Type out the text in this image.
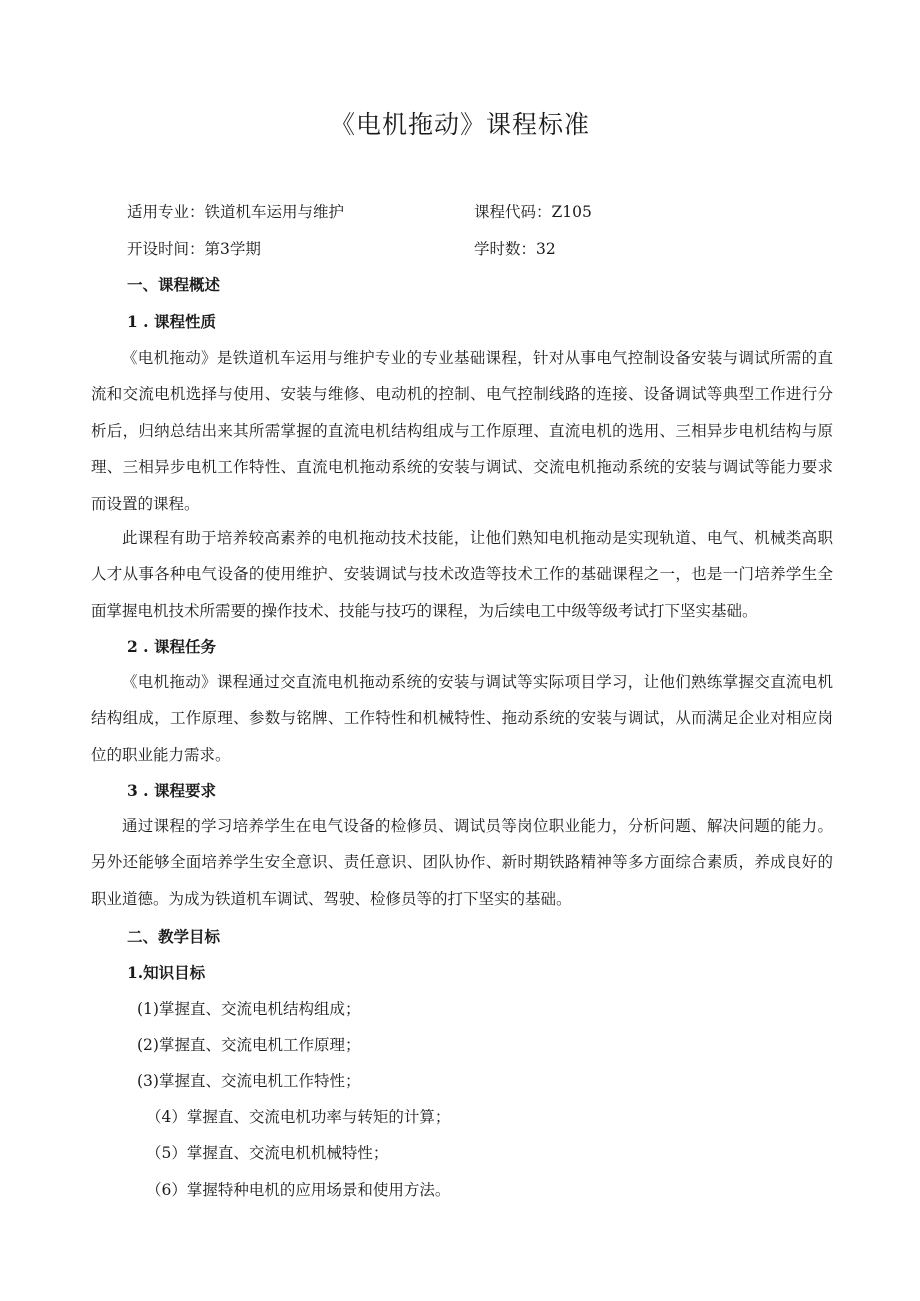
《电机拖动》课程标准
适用专业：铁道机车运用与维护	课程代码：Z105
开设时间：第3学期	学时数：32
一、课程概述
1 . 课程性质

《电机拖动》是铁道机车运用与维护专业的专业基础课程，针对从事电气控制设备安装与调试所需的直流和交流电机选择与使用、安装与维修、电动机的控制、电气控制线路的连接、设备调试等典型工作进行分析后，归纳总结出来其所需掌握的直流电机结构组成与工作原理、直流电机的选用、三相异步电机结构与原理、三相异步电机工作特性、直流电机拖动系统的安装与调试、交流电机拖动系统的安装与调试等能力要求而设置的课程。

此课程有助于培养较高素养的电机拖动技术技能，让他们熟知电机拖动是实现轨道、电气、机械类高职人才从事各种电气设备的使用维护、安装调试与技术改造等技术工作的基础课程之一，也是一门培养学生全面掌握电机技术所需要的操作技术、技能与技巧的课程，为后续电工中级等级考试打下坚实基础。

2 . 课程任务

《电机拖动》课程通过交直流电机拖动系统的安装与调试等实际项目学习，让他们熟练掌握交直流电机结构组成，工作原理、参数与铭牌、工作特性和机械特性、拖动系统的安装与调试，从而满足企业对相应岗位的职业能力需求。

3 . 课程要求

通过课程的学习培养学生在电气设备的检修员、调试员等岗位职业能力，分析问题、解决问题的能力。另外还能够全面培养学生安全意识、责任意识、团队协作、新时期铁路精神等多方面综合素质，养成良好的职业道德。为成为铁道机车调试、驾驶、检修员等的打下坚实的基础。

二、教学目标
1.知识目标
(1)掌握直、交流电机结构组成；
(2)掌握直、交流电机工作原理；
(3)掌握直、交流电机工作特性；
（4）掌握直、交流电机功率与转矩的计算；
（5）掌握直、交流电机机械特性；
（6）掌握特种电机的应用场景和使用方法。
